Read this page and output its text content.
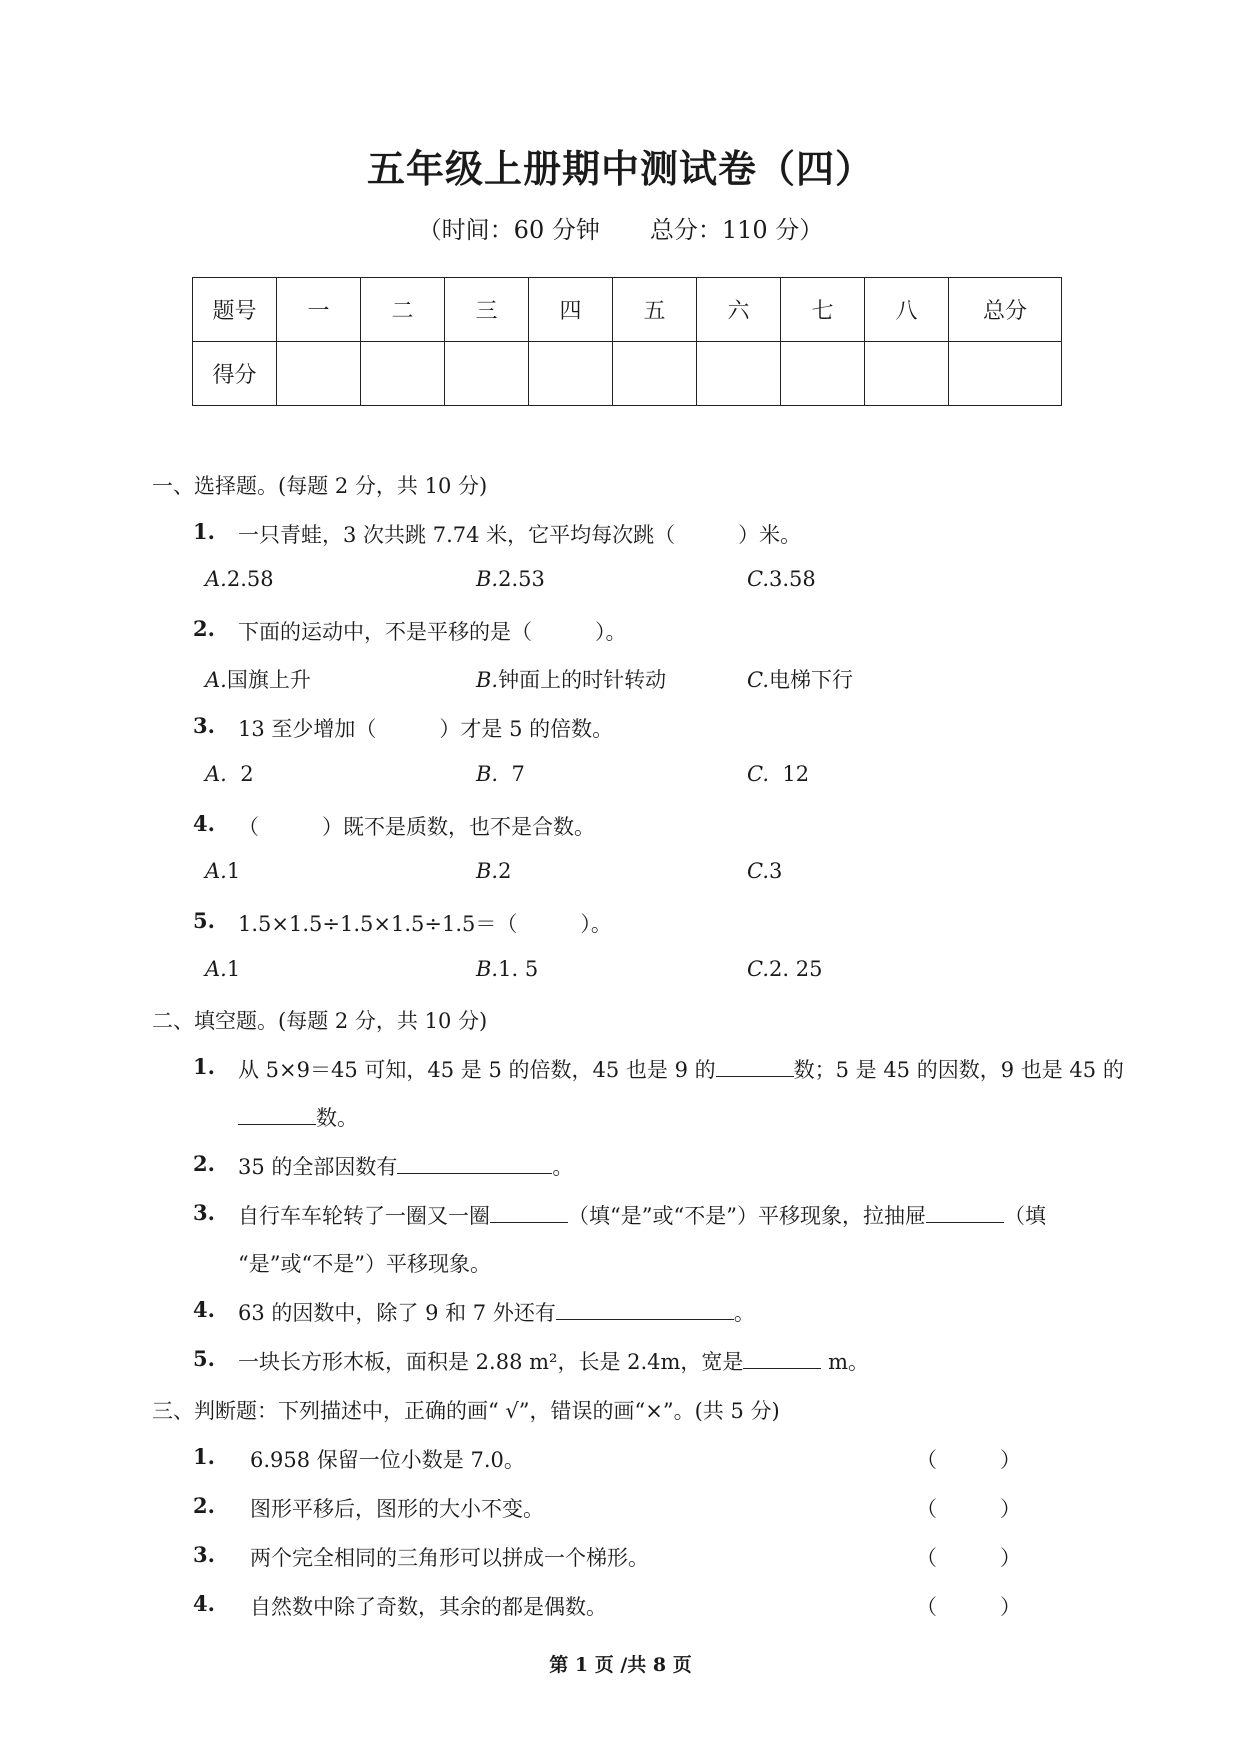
五年级上册期中测试卷（四）
（时间：60 分钟 总分：110 分）
题号	一	二	三	四	五	六	七	八	总分
得分									
一、选择题。(每题 2 分，共 10 分)
1. 一只青蛙，3 次共跳 7.74 米，它平均每次跳（　　　）米。
A.2.58	B.2.53	C.3.58
2. 下面的运动中，不是平移的是（　　　）。
A.国旗上升	B.钟面上的时针转动	C.电梯下行
3. 13 至少增加（　　　）才是 5 的倍数。
A.  2	B.  7	C.  12
4. （　　　）既不是质数，也不是合数。
A.1	B.2	C.3
5. 1.5×1.5÷1.5×1.5÷1.5＝（　　　）。
A.1	B.1. 5	C.2. 25
二、填空题。(每题 2 分，共 10 分)
1. 从 5×9＝45 可知，45 是 5 的倍数，45 也是 9 的	数；5 是 45 的因数，9 也是 45 的
数。
2. 35 的全部因数有	。
3. 自行车车轮转了一圈又一圈	（填“是”或“不是”）平移现象，拉抽屉	（填
“是”或“不是”）平移现象。
4. 63 的因数中，除了 9 和 7 外还有	。
5. 一块长方形木板，面积是 2.88 m²，长是 2.4m，宽是	m。
三、判断题：下列描述中，正确的画“ √”，错误的画“×”。(共 5 分)
1. 6.958 保留一位小数是 7.0。	（　　　）
2. 图形平移后，图形的大小不变。	（　　　）
3. 两个完全相同的三角形可以拼成一个梯形。	（　　　）
4. 自然数中除了奇数，其余的都是偶数。	（　　　）
第 1 页 /共 8 页
